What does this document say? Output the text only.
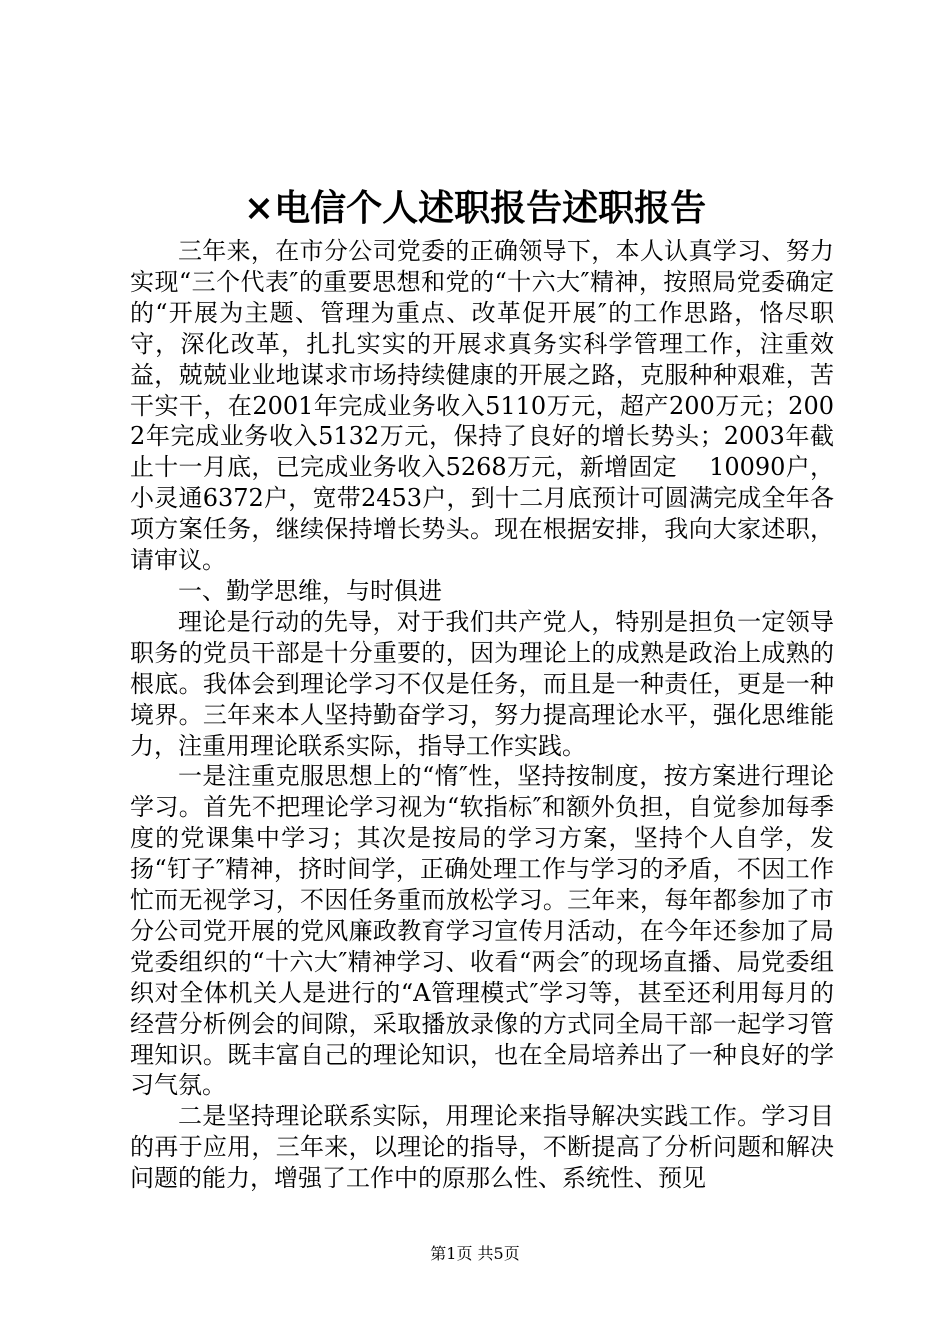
×电信个人述职报告述职报告

三年来，在市分公司党委的正确领导下，本人认真学习、努力实现“三个代表″的重要思想和党的“十六大″精神，按照局党委确定的“开展为主题、管理为重点、改革促开展″的工作思路，恪尽职守，深化改革，扎扎实实的开展求真务实科学管理工作，注重效益，兢兢业业地谋求市场持续健康的开展之路，克服种种艰难，苦干实干，在2001年完成业务收入5110万元，超产200万元；2002年完成业务收入5132万元，保持了良好的增长势头；2003年截止十一月底，已完成业务收入5268万元，新增固定　 10090户，小灵通6372户，宽带2453户，到十二月底预计可圆满完成全年各项方案任务，继续保持增长势头。现在根据安排，我向大家述职，请审议。

一、勤学思维，与时俱进

理论是行动的先导，对于我们共产党人，特别是担负一定领导职务的党员干部是十分重要的，因为理论上的成熟是政治上成熟的根底。我体会到理论学习不仅是任务，而且是一种责任，更是一种境界。三年来本人坚持勤奋学习，努力提高理论水平，强化思维能力，注重用理论联系实际，指导工作实践。

一是注重克服思想上的“惰″性，坚持按制度，按方案进行理论学习。首先不把理论学习视为“软指标″和额外负担，自觉参加每季度的党课集中学习；其次是按局的学习方案，坚持个人自学，发扬“钉子″精神，挤时间学，正确处理工作与学习的矛盾，不因工作忙而无视学习，不因任务重而放松学习。三年来，每年都参加了市分公司党开展的党风廉政教育学习宣传月活动，在今年还参加了局党委组织的“十六大″精神学习、收看“两会″的现场直播、局党委组织对全体机关人是进行的“A管理模式″学习等，甚至还利用每月的经营分析例会的间隙，采取播放录像的方式同全局干部一起学习管理知识。既丰富自己的理论知识，也在全局培养出了一种良好的学习气氛。

二是坚持理论联系实际，用理论来指导解决实践工作。学习目的再于应用，三年来，以理论的指导，不断提高了分析问题和解决问题的能力，增强了工作中的原那么性、系统性、预见

第1页 共5页
